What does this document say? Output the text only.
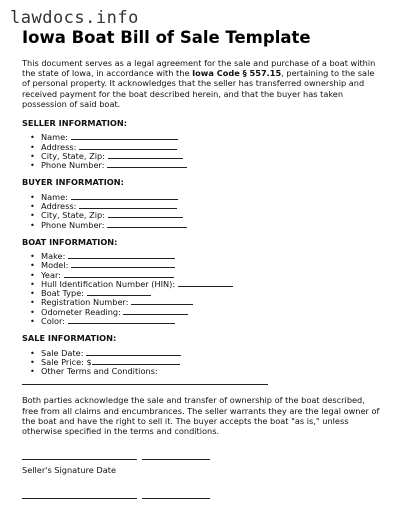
lawdocs.info
Iowa Boat Bill of Sale Template

This document serves as a legal agreement for the sale and purchase of a boat within the state of Iowa, in accordance with the Iowa Code § 557.15, pertaining to the sale of personal property. It acknowledges that the seller has transferred ownership and received payment for the boat described herein, and that the buyer has taken possession of said boat.

SELLER INFORMATION:
• Name:
• Address:
• City, State, Zip:
• Phone Number:
BUYER INFORMATION:
• Name:
• Address:
• City, State, Zip:
• Phone Number:
BOAT INFORMATION:
• Make:
• Model:
• Year:
• Hull Identification Number (HIN):
• Boat Type:
• Registration Number:
• Odometer Reading:
• Color:
SALE INFORMATION:
• Sale Date:
• Sale Price: $
• Other Terms and Conditions:

Both parties acknowledge the sale and transfer of ownership of the boat described, free from all claims and encumbrances. The seller warrants they are the legal owner of the boat and have the right to sell it. The buyer accepts the boat "as is," unless otherwise specified in the terms and conditions.

Seller's Signature Date
